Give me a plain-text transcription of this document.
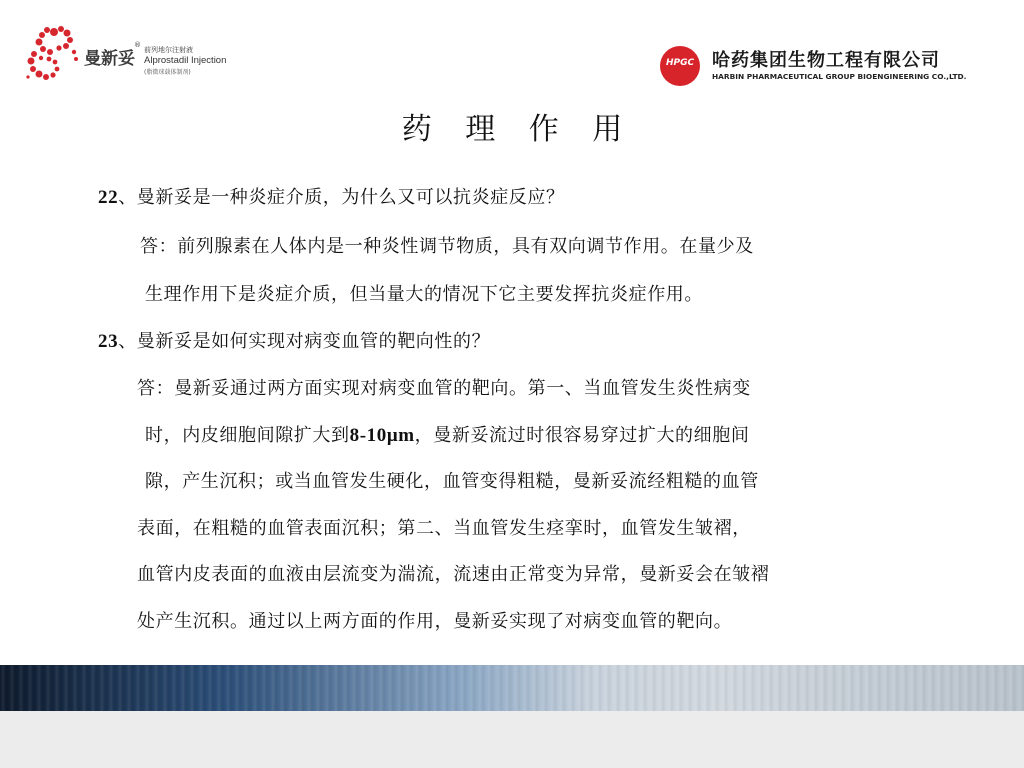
曼新妥
®
前列地尔注射液
Alprostadil Injection
(脂微球载体制剂)
HPGC 哈药集团生物工程有限公司
HARBIN PHARMACEUTICAL GROUP BIOENGINEERING CO.,LTD.
药 理 作 用
22、曼新妥是一种炎症介质，为什么又可以抗炎症反应？
答：前列腺素在人体内是一种炎性调节物质，具有双向调节作用。在量少及
生理作用下是炎症介质，但当量大的情况下它主要发挥抗炎症作用。
23、曼新妥是如何实现对病变血管的靶向性的？
答：曼新妥通过两方面实现对病变血管的靶向。第一、当血管发生炎性病变
时，内皮细胞间隙扩大到8-10μm，曼新妥流过时很容易穿过扩大的细胞间
隙，产生沉积；或当血管发生硬化，血管变得粗糙，曼新妥流经粗糙的血管
表面，在粗糙的血管表面沉积；第二、当血管发生痉挛时，血管发生皱褶，
血管内皮表面的血液由层流变为湍流，流速由正常变为异常，曼新妥会在皱褶
处产生沉积。通过以上两方面的作用，曼新妥实现了对病变血管的靶向。
